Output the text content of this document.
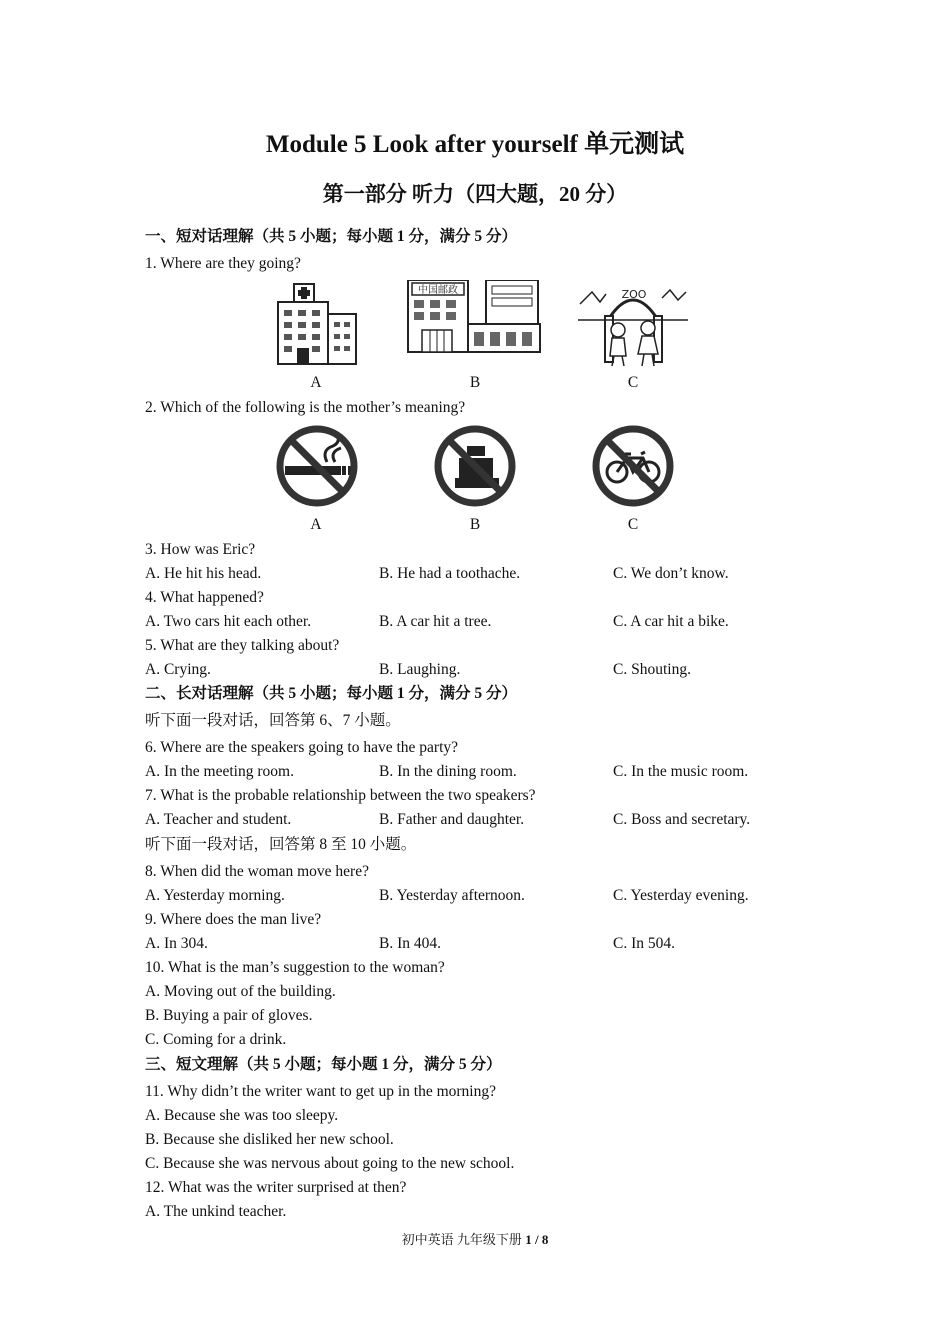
Module 5 Look after yourself 单元测试
第一部分 听力（四大题，20 分）
一、短对话理解（共 5 小题；每小题 1 分，满分 5 分）
1. Where are they going?
中国邮政	ZOO
A	B	C
2. Which of the following is the mother’s meaning?
A	B	C
3. How was Eric?
A. He hit his head.	B. He had a toothache.	C. We don’t know.
4. What happened?
A. Two cars hit each other.	B. A car hit a tree.	C. A car hit a bike.
5. What are they talking about?
A. Crying.	B. Laughing.	C. Shouting.
二、长对话理解（共 5 小题；每小题 1 分，满分 5 分）
听下面一段对话，回答第 6、7 小题。
6. Where are the speakers going to have the party?
A. In the meeting room.	B. In the dining room.	C. In the music room.
7. What is the probable relationship between the two speakers?
A. Teacher and student.	B. Father and daughter.	C. Boss and secretary.
听下面一段对话，回答第 8 至 10 小题。
8. When did the woman move here?
A. Yesterday morning.	B. Yesterday afternoon.	C. Yesterday evening.
9. Where does the man live?
A. In 304.	B. In 404.	C. In 504.
10. What is the man’s suggestion to the woman?
A. Moving out of the building.
B. Buying a pair of gloves.
C. Coming for a drink.
三、短文理解（共 5 小题；每小题 1 分，满分 5 分）
11. Why didn’t the writer want to get up in the morning?
A. Because she was too sleepy.
B. Because she disliked her new school.
C. Because she was nervous about going to the new school.
12. What was the writer surprised at then?
A. The unkind teacher.
初中英语 九年级下册 1 / 8
